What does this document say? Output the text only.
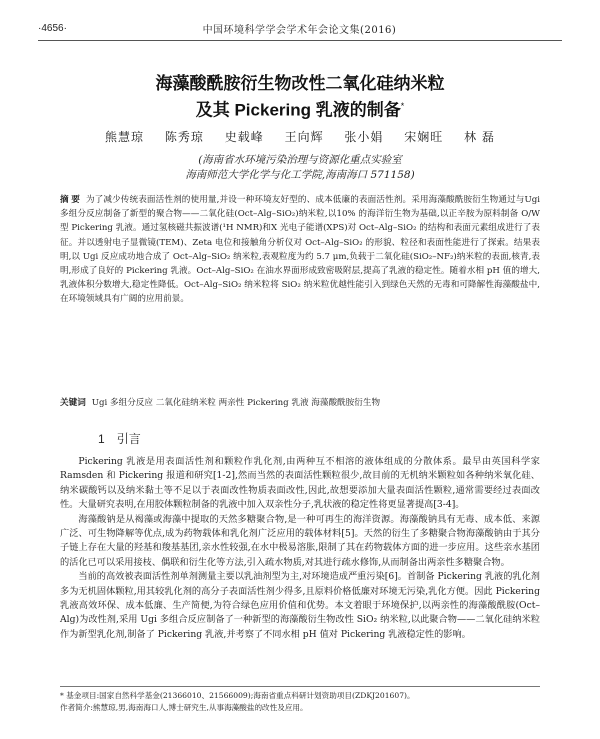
·4656·	中国环境科学学会学术年会论文集(2016)
海藻酸酰胺衍生物改性二氧化硅纳米粒
及其 Pickering 乳液的制备*
熊慧琼 陈秀琼 史载峰 王向辉 张小娟 宋娴旺 林 磊
(海南省水环境污染治理与资源化重点实验室
海南师范大学化学与化工学院,海南海口 571158)
摘 要 为了减少传统表面活性剂的使用量,并设一种环境友好型的、成本低廉的表面活性剂。采用海藻酸酰胺衍生物通过与Ugi 多组分反应制备了新型的聚合物——二氧化硅(Oct–Alg–SiO₂)纳米粒,以10% 的海洋衍生物为基础,以正辛胺为原料制备 O/W 型 Pickering 乳液。通过氢核磁共振波谱(¹H NMR)和X 光电子能谱(XPS)对 Oct–Alg–SiO₂ 的结构和表面元素组成进行了表征。并以透射电子显微镜(TEM)、Zeta 电位和接触角分析仪对 Oct–Alg–SiO₂ 的形貌、粒径和表面性能进行了探索。结果表明,以 Ugi 反应成功地合成了 Oct–Alg–SiO₂ 纳米粒,表观粒度为约 5.7 μm,负载于二氧化硅(SiO₂–NF₂)纳米粒的表面,核青,表明,形成了良好的 Pickering 乳液。Oct–Alg–SiO₂ 在油水界面形成致密吸附层,提高了乳液的稳定性。随着水相 pH 值的增大,乳液体积分数增大,稳定性降低。Oct–Alg–SiO₂ 纳米粒将 SiO₂ 纳米粒优越性能引入到绿色天然的无毒和可降解性海藻酸盐中,在环境领域具有广阔的应用前景。
关键词 Ugi 多组分反应 二氧化硅纳米粒 两亲性 Pickering 乳液 海藻酸酰胺衍生物
1 引言

Pickering 乳液是用表面活性剂和颗粒作乳化剂,由两种互不相溶的液体组成的分散体系。最早由英国科学家 Ramsden 和 Pickering 报道和研究[1-2],然而当然的表面活性颗粒很少,故目前的无机纳米颗粒如各种纳米氧化硅、纳米碳酸钙以及纳米黏土等不足以于表面改性物质表面改性,因此,故想要添加大量表面活性颗粒,通常需要经过表面改性。大量研究表明,在用胶体颗粒制备的乳液中加入双亲性分子,乳状液的稳定性将更显著提高[3-4]。

海藻酸钠是从褐藻或海藻中提取的天然多糖聚合物,是一种可再生的海洋资源。海藻酸钠具有无毒、成本低、来源广泛、可生物降解等优点,成为药物载体和乳化剂广泛应用的载体材料[5]。天然的衍生了多糖聚合物海藻酸钠由于其分子链上存在大量的羟基和羧基基团,亲水性较强,在水中极易溶胀,限制了其在药物载体方面的进一步应用。这些亲水基团的活化已可以采用接枝、偶联和衍生化等方法,引入疏水物质,对其进行疏水修饰,从而制备出两亲性多糖聚合物。

当前的高效被表面活性剂单剂测量主要以乳油剂型为主,对环境造成严重污染[6]。首制备 Pickering 乳液的乳化剂多为无机固体颗粒,用其较乳化剂的高分子表面活性剂少得多,且原料价格低廉对环境无污染,乳化方便。因此 Pickering 乳液高效环保、成本低廉、生产简便,为符合绿色应用价值和优势。本文着眼于环境保护,以两亲性的海藻酸酰胺(Oct–Alg)为改性剂,采用 Ugi 多组合反应制备了一种新型的海藻酸衍生物改性 SiO₂ 纳米粒,以此聚合物——二氧化硅纳米粒作为新型乳化剂,制备了 Pickering 乳液,并考察了不同水相 pH 值对 Pickering 乳液稳定性的影响。

* 基金项目:国家自然科学基金(21366010、21566009);海南省重点科研计划资助项目(ZDKJ201607)。
作者简介:熊慧琼,男,海南海口人,博士研究生,从事海藻酸盐的改性及应用。
